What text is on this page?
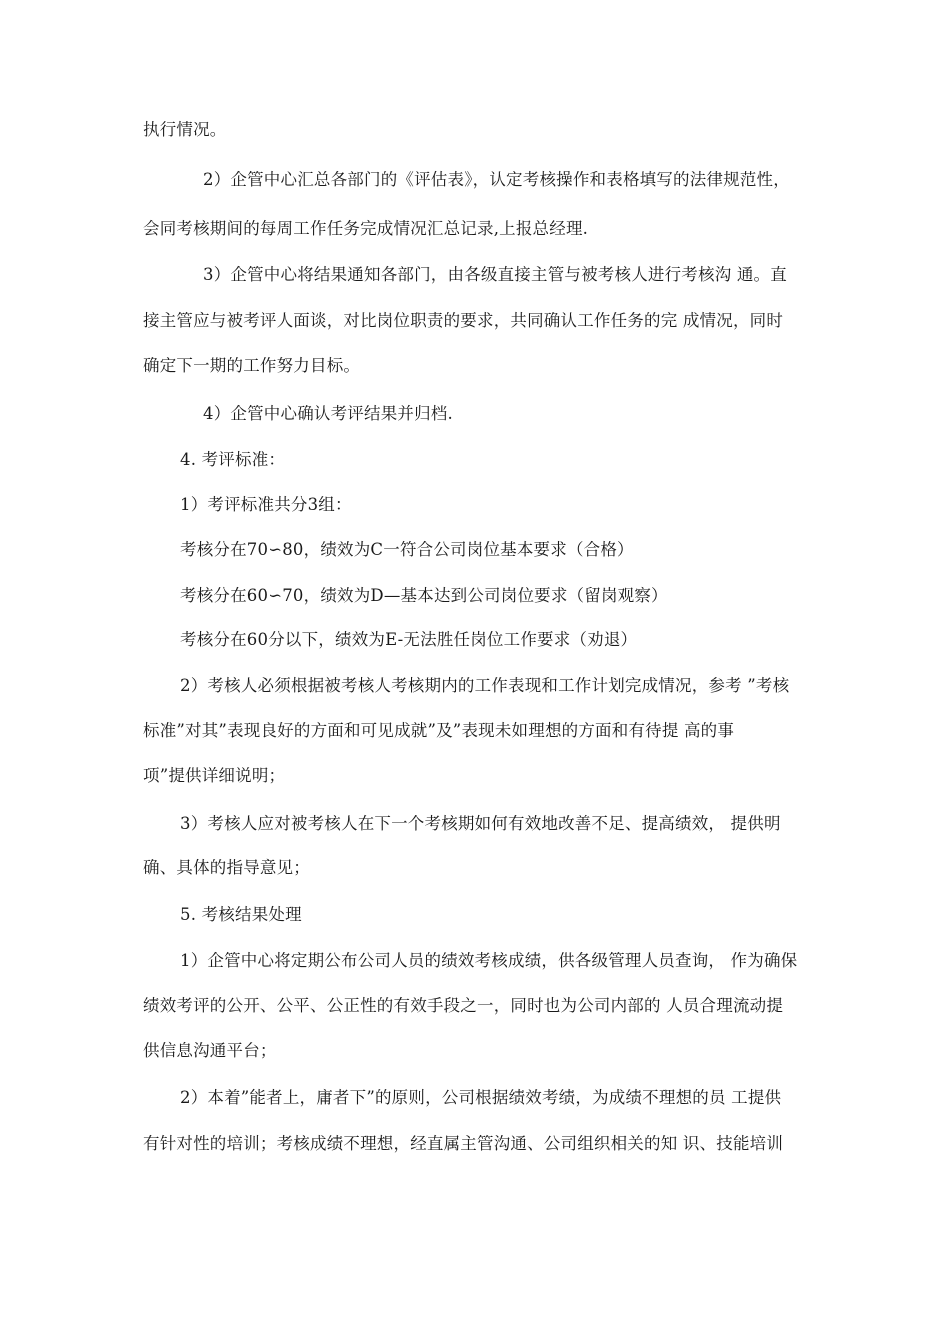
执行情况。
2）企管中心汇总各部门的《评估表》，认定考核操作和表格填写的法律规范性，
会同考核期间的每周工作任务完成情况汇总记录,上报总经理.
3）企管中心将结果通知各部门，由各级直接主管与被考核人进行考核沟 通。直
接主管应与被考评人面谈，对比岗位职责的要求，共同确认工作任务的完 成情况，同时
确定下一期的工作努力目标。
4）企管中心确认考评结果并归档.
4. 考评标准：
1）考评标准共分3组：
考核分在70∽80，绩效为C一符合公司岗位基本要求（合格）
考核分在60∽70，绩效为D—基本达到公司岗位要求（留岗观察）
考核分在60分以下，绩效为E-无法胜任岗位工作要求（劝退）
2）考核人必须根据被考核人考核期内的工作表现和工作计划完成情况，参考 ”考核
标准”对其”表现良好的方面和可见成就”及”表现未如理想的方面和有待提 高的事
项”提供详细说明；
3）考核人应对被考核人在下一个考核期如何有效地改善不足、提高绩效， 提供明
确、具体的指导意见；
5. 考核结果处理
1）企管中心将定期公布公司人员的绩效考核成绩，供各级管理人员查询， 作为确保
绩效考评的公开、公平、公正性的有效手段之一，同时也为公司内部的 人员合理流动提
供信息沟通平台；
2）本着”能者上，庸者下”的原则，公司根据绩效考绩，为成绩不理想的员 工提供
有针对性的培训；考核成绩不理想，经直属主管沟通、公司组织相关的知 识、技能培训
